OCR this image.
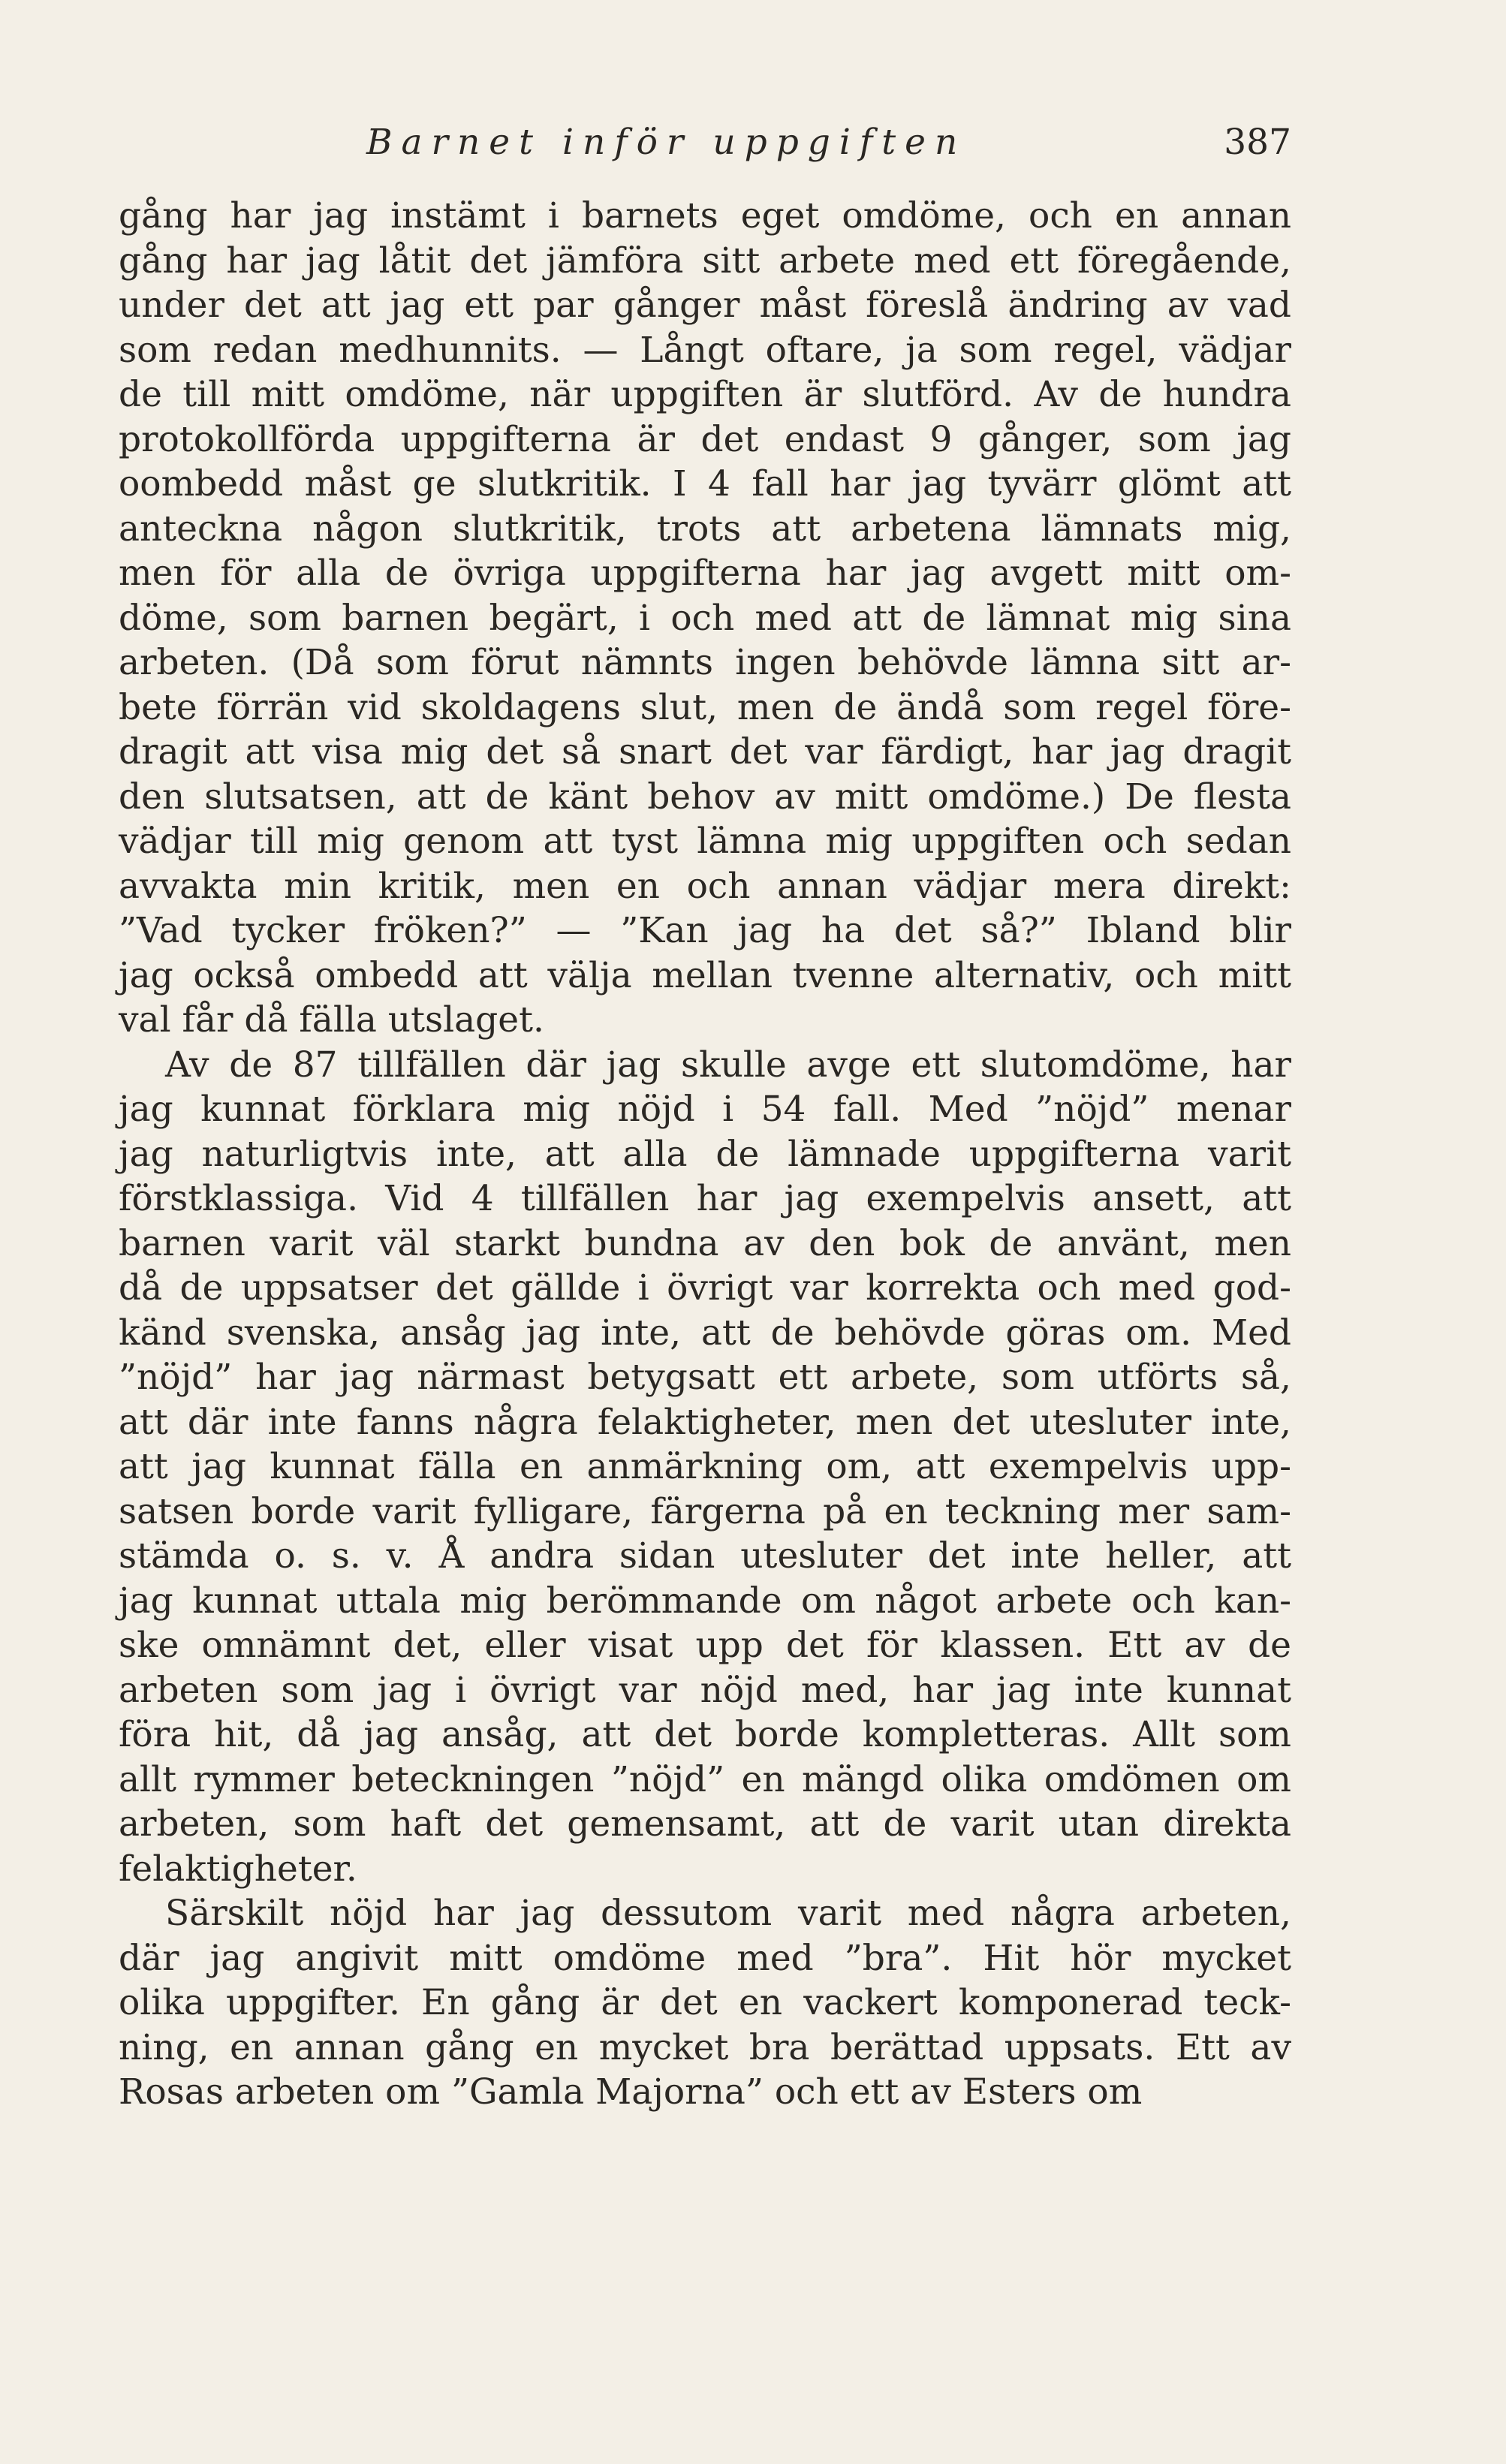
Barnet inför uppgiften	387
gång har jag instämt i barnets eget omdöme, och en annan
gång har jag låtit det jämföra sitt arbete med ett föregående,
under det att jag ett par gånger måst föreslå ändring av vad
som redan medhunnits. — Långt oftare, ja som regel, vädjar
de till mitt omdöme, när uppgiften är slutförd. Av de hundra
protokollförda uppgifterna är det endast 9 gånger, som jag
oombedd måst ge slutkritik. I 4 fall har jag tyvärr glömt att
anteckna någon slutkritik, trots att arbetena lämnats mig,
men för alla de övriga uppgifterna har jag avgett mitt om-
döme, som barnen begärt, i och med att de lämnat mig sina
arbeten. (Då som förut nämnts ingen behövde lämna sitt ar-
bete förrän vid skoldagens slut, men de ändå som regel före-
dragit att visa mig det så snart det var färdigt, har jag dragit
den slutsatsen, att de känt behov av mitt omdöme.) De flesta
vädjar till mig genom att tyst lämna mig uppgiften och sedan
avvakta min kritik, men en och annan vädjar mera direkt:
”Vad tycker fröken?” — ”Kan jag ha det så?” Ibland blir
jag också ombedd att välja mellan tvenne alternativ, och mitt
val får då fälla utslaget.
Av de 87 tillfällen där jag skulle avge ett slutomdöme, har
jag kunnat förklara mig nöjd i 54 fall. Med ”nöjd” menar
jag naturligtvis inte, att alla de lämnade uppgifterna varit
förstklassiga. Vid 4 tillfällen har jag exempelvis ansett, att
barnen varit väl starkt bundna av den bok de använt, men
då de uppsatser det gällde i övrigt var korrekta och med god-
känd svenska, ansåg jag inte, att de behövde göras om. Med
”nöjd” har jag närmast betygsatt ett arbete, som utförts så,
att där inte fanns några felaktigheter, men det utesluter inte,
att jag kunnat fälla en anmärkning om, att exempelvis upp-
satsen borde varit fylligare, färgerna på en teckning mer sam-
stämda o. s. v. Å andra sidan utesluter det inte heller, att
jag kunnat uttala mig berömmande om något arbete och kan-
ske omnämnt det, eller visat upp det för klassen. Ett av de
arbeten som jag i övrigt var nöjd med, har jag inte kunnat
föra hit, då jag ansåg, att det borde kompletteras. Allt som
allt rymmer beteckningen ”nöjd” en mängd olika omdömen om
arbeten, som haft det gemensamt, att de varit utan direkta
felaktigheter.
Särskilt nöjd har jag dessutom varit med några arbeten,
där jag angivit mitt omdöme med ”bra”. Hit hör mycket
olika uppgifter. En gång är det en vackert komponerad teck-
ning, en annan gång en mycket bra berättad uppsats. Ett av
Rosas arbeten om ”Gamla Majorna” och ett av Esters om
